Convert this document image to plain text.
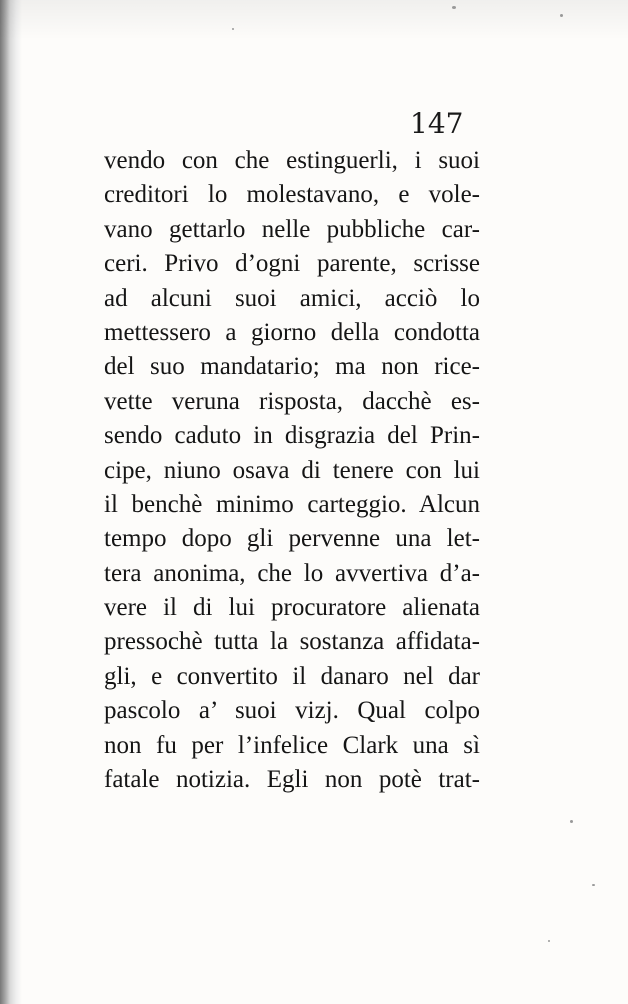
147
vendo con che estinguerli, i suoi
creditori lo molestavano, e vole-
vano gettarlo nelle pubbliche car-
ceri. Privo d’ogni parente, scrisse
ad alcuni suoi amici, acciò lo
mettessero a giorno della condotta
del suo mandatario; ma non rice-
vette veruna risposta, dacchè es-
sendo caduto in disgrazia del Prin-
cipe, niuno osava di tenere con lui
il benchè minimo carteggio. Alcun
tempo dopo gli pervenne una let-
tera anonima, che lo avvertiva d’a-
vere il di lui procuratore alienata
pressochè tutta la sostanza affidata-
gli, e convertito il danaro nel dar
pascolo a’ suoi vizj. Qual colpo
non fu per l’infelice Clark una sì
fatale notizia. Egli non potè trat-
